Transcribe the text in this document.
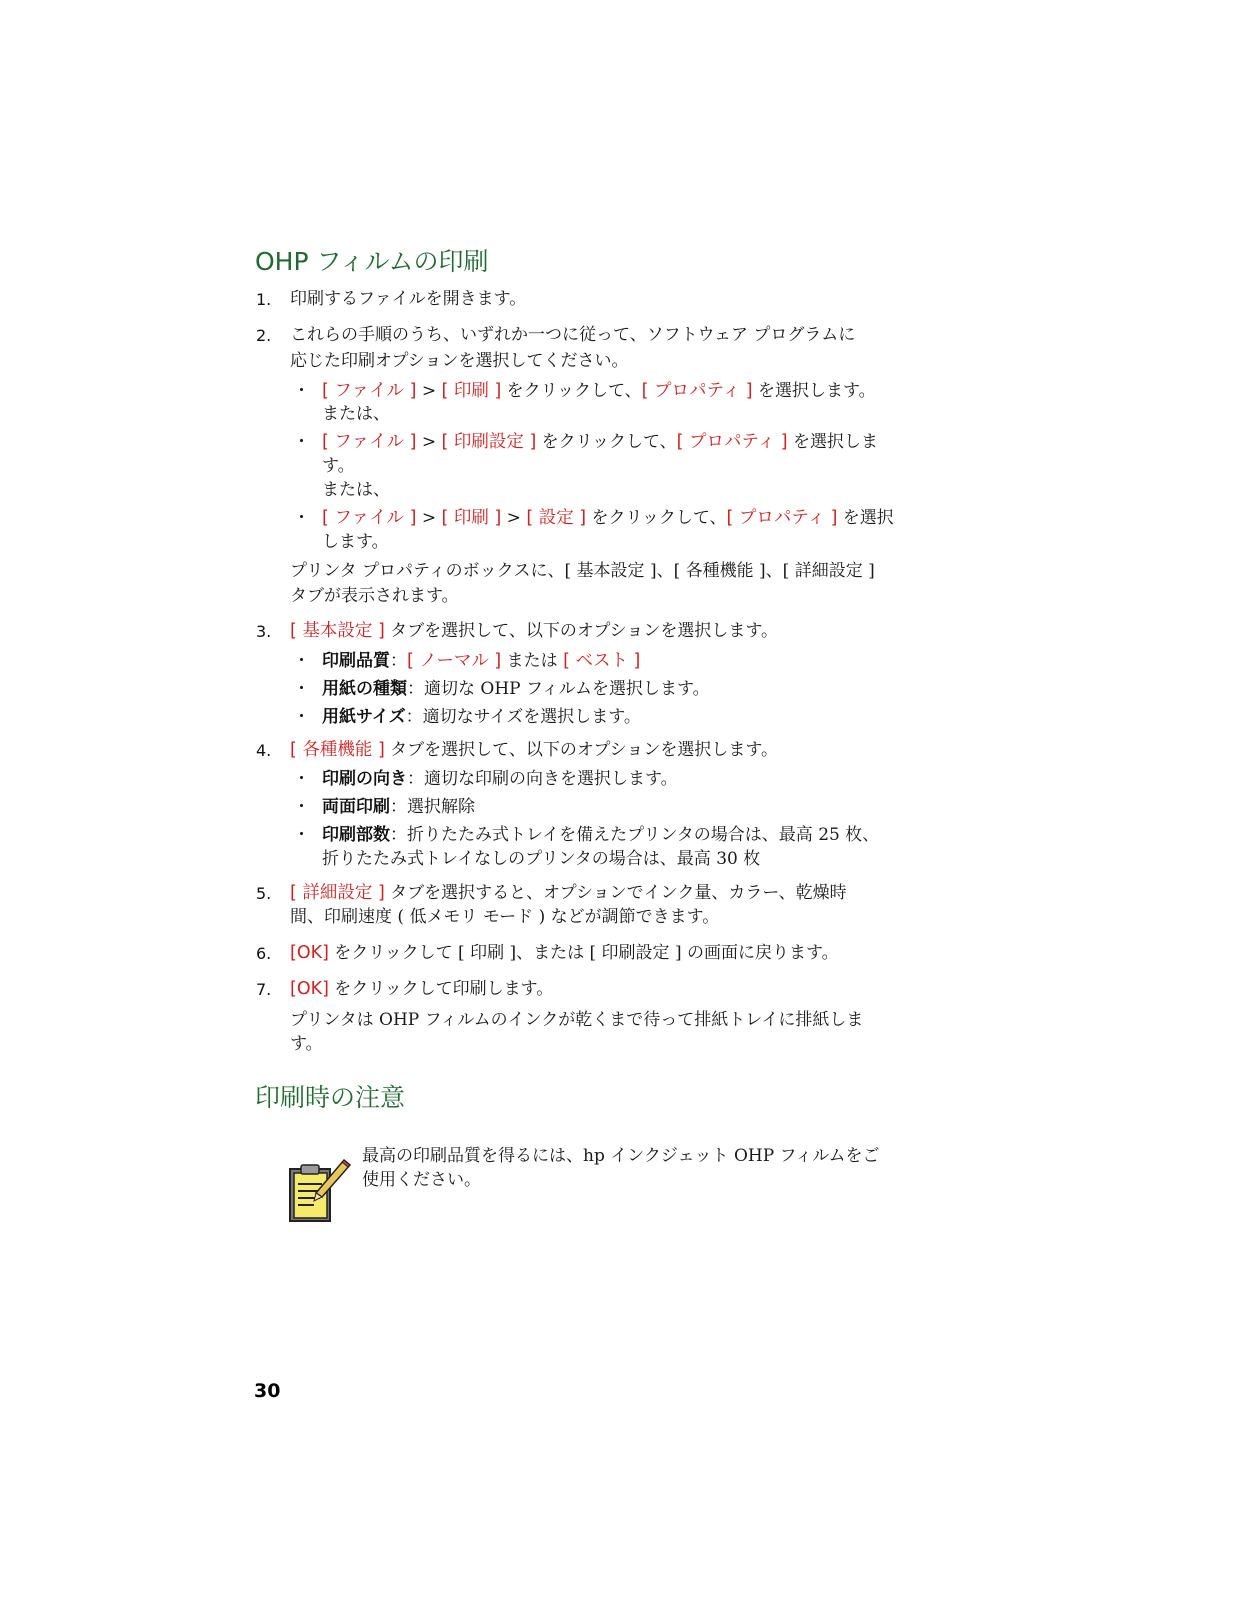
OHP フィルムの印刷
1. 印刷するファイルを開きます。
2. これらの手順のうち、いずれか一つに従って、ソフトウェア プログラムに
応じた印刷オプションを選択してください。
・ [ ファイル ] > [ 印刷 ] をクリックして、[ プロパティ ] を選択します。
または、
・ [ ファイル ] > [ 印刷設定 ] をクリックして、[ プロパティ ] を選択しま
す。
または、
・ [ ファイル ] > [ 印刷 ] > [ 設定 ] をクリックして、[ プロパティ ] を選択
します。
プリンタ プロパティのボックスに、[ 基本設定 ]、[ 各種機能 ]、[ 詳細設定 ]
タブが表示されます。
3. [ 基本設定 ] タブを選択して、以下のオプションを選択します。
・ 印刷品質：[ ノーマル ] または [ ベスト ]
・ 用紙の種類：適切な OHP フィルムを選択します。
・ 用紙サイズ：適切なサイズを選択します。
4. [ 各種機能 ] タブを選択して、以下のオプションを選択します。
・ 印刷の向き：適切な印刷の向きを選択します。
・ 両面印刷：選択解除
・ 印刷部数：折りたたみ式トレイを備えたプリンタの場合は、最高 25 枚、
折りたたみ式トレイなしのプリンタの場合は、最高 30 枚
5. [ 詳細設定 ] タブを選択すると、オプションでインク量、カラー、乾燥時
間、印刷速度 ( 低メモリ モード ) などが調節できます。
6. [OK] をクリックして [ 印刷 ]、または [ 印刷設定 ] の画面に戻ります。
7. [OK] をクリックして印刷します。
プリンタは OHP フィルムのインクが乾くまで待って排紙トレイに排紙しま
す。
印刷時の注意
最高の印刷品質を得るには、hp インクジェット OHP フィルムをご
使用ください。
30
